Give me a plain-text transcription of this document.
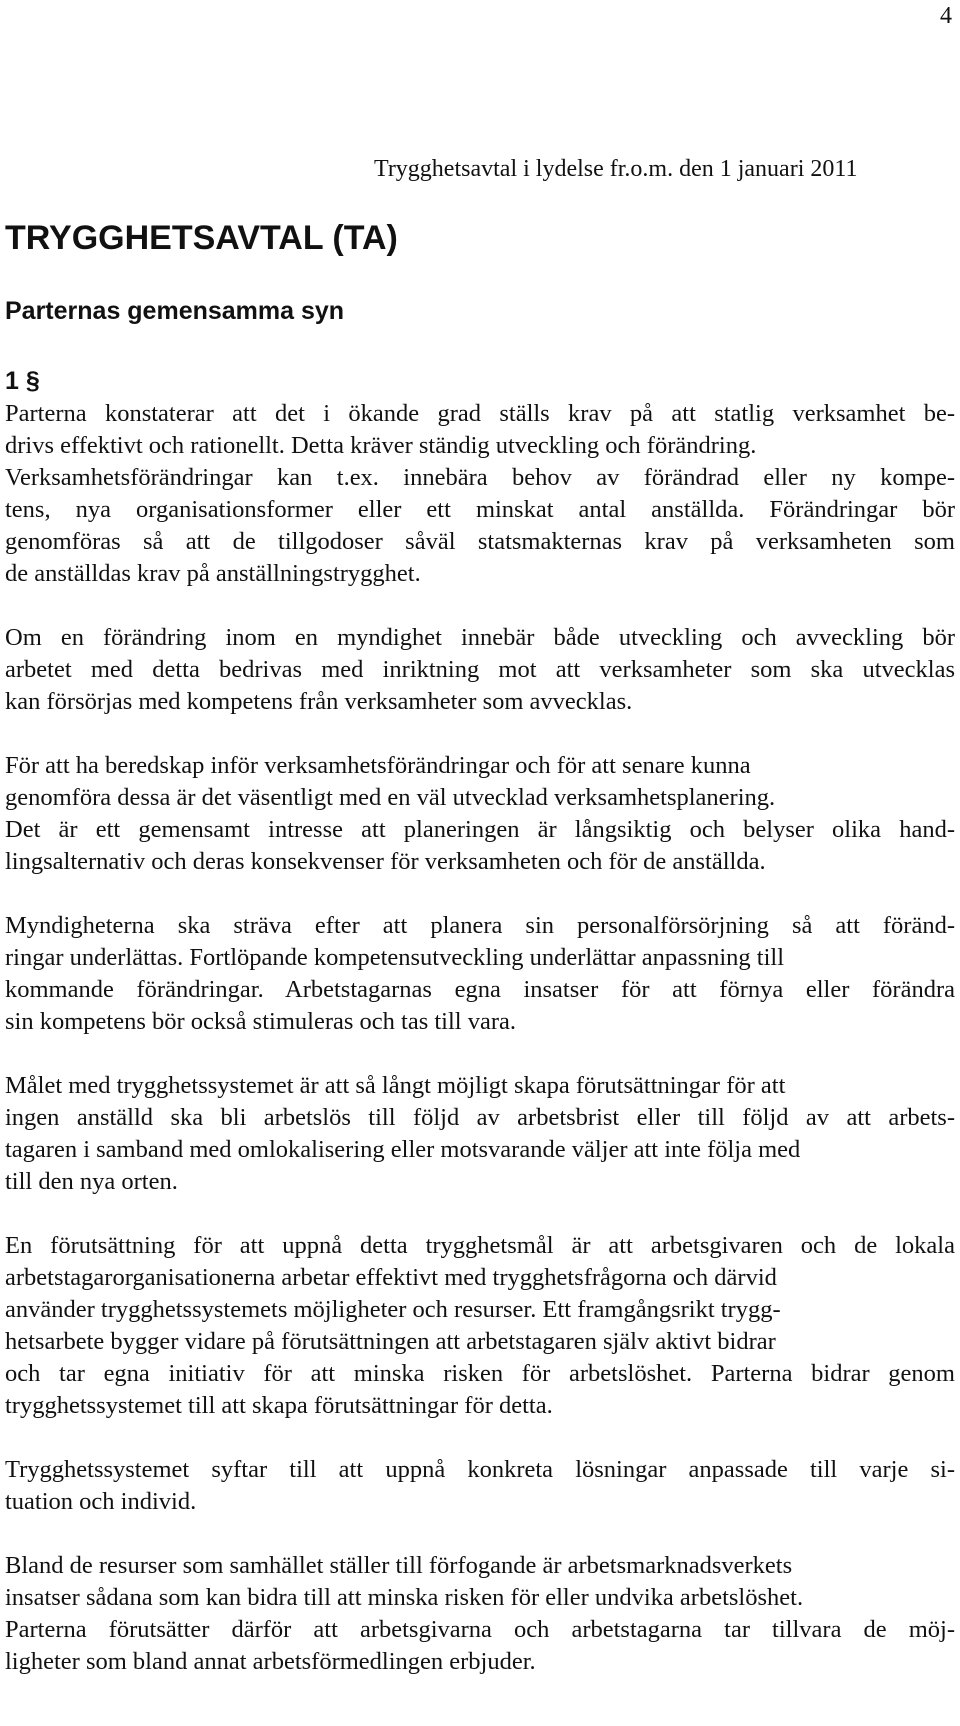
4
Trygghetsavtal i lydelse fr.o.m. den 1 januari 2011
TRYGGHETSAVTAL (TA)
Parternas gemensamma syn
1 §

Parterna konstaterar att det i ökande grad ställs krav på att statlig verksamhet be-
drivs effektivt och rationellt. Detta kräver ständig utveckling och förändring.
Verksamhetsförändringar kan t.ex. innebära behov av förändrad eller ny kompe-
tens, nya organisationsformer eller ett minskat antal anställda. Förändringar bör
genomföras så att de tillgodoser såväl statsmakternas krav på verksamheten som
de anställdas krav på anställningstrygghet.

Om en förändring inom en myndighet innebär både utveckling och avveckling bör
arbetet med detta bedrivas med inriktning mot att verksamheter som ska utvecklas
kan försörjas med kompetens från verksamheter som avvecklas.

För att ha beredskap inför verksamhetsförändringar och för att senare kunna
genomföra dessa är det väsentligt med en väl utvecklad verksamhetsplanering.
Det är ett gemensamt intresse att planeringen är långsiktig och belyser olika hand-
lingsalternativ och deras konsekvenser för verksamheten och för de anställda.

Myndigheterna ska sträva efter att planera sin personalförsörjning så att föränd-
ringar underlättas. Fortlöpande kompetensutveckling underlättar anpassning till
kommande förändringar. Arbetstagarnas egna insatser för att förnya eller förändra
sin kompetens bör också stimuleras och tas till vara.

Målet med trygghetssystemet är att så långt möjligt skapa förutsättningar för att
ingen anställd ska bli arbetslös till följd av arbetsbrist eller till följd av att arbets-
tagaren i samband med omlokalisering eller motsvarande väljer att inte följa med
till den nya orten.

En förutsättning för att uppnå detta trygghetsmål är att arbetsgivaren och de lokala
arbetstagarorganisationerna arbetar effektivt med trygghetsfrågorna och därvid
använder trygghetssystemets möjligheter och resurser. Ett framgångsrikt trygg-
hetsarbete bygger vidare på förutsättningen att arbetstagaren själv aktivt bidrar
och tar egna initiativ för att minska risken för arbetslöshet. Parterna bidrar genom
trygghetssystemet till att skapa förutsättningar för detta.

Trygghetssystemet syftar till att uppnå konkreta lösningar anpassade till varje si-
tuation och individ.

Bland de resurser som samhället ställer till förfogande är arbetsmarknadsverkets
insatser sådana som kan bidra till att minska risken för eller undvika arbetslöshet.
Parterna förutsätter därför att arbetsgivarna och arbetstagarna tar tillvara de möj-
ligheter som bland annat arbetsförmedlingen erbjuder.
